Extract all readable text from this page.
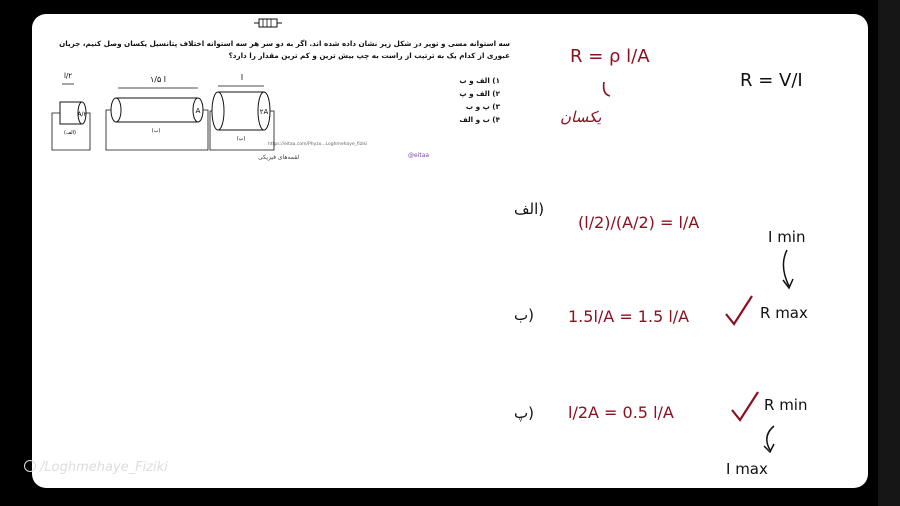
سه استوانه مسی و توپر در شکل زیر نشان داده شده اند. اگر به دو سر هر سه استوانه اختلاف پتانسیل یکسان وصل کنیم، جریان
عبوری از کدام یک به ترتیب از راست به چپ بیش ترین و کم ترین مقدار را دارد؟
۱) الف و ب
۲) الف و پ
۳) پ و ب
۴) ب و الف
l/۲
A/۲
(الف)
۱/۵ l
A
(ب)
l
۲A
(پ)
https://eitaa.com/Phyzo...Loghmehaye_fiziki
لقمه‌های فیزیکی	@eitaa
R = ρ l/A
یکسان
R = V/I
الف)
(l/2)/(A/2) = l/A
I min
ب) 1.5l/A = 1.5 l/A	R max
پ) l/2A = 0.5 l/A	R min
I max
/Loghmehaye_Fiziki
